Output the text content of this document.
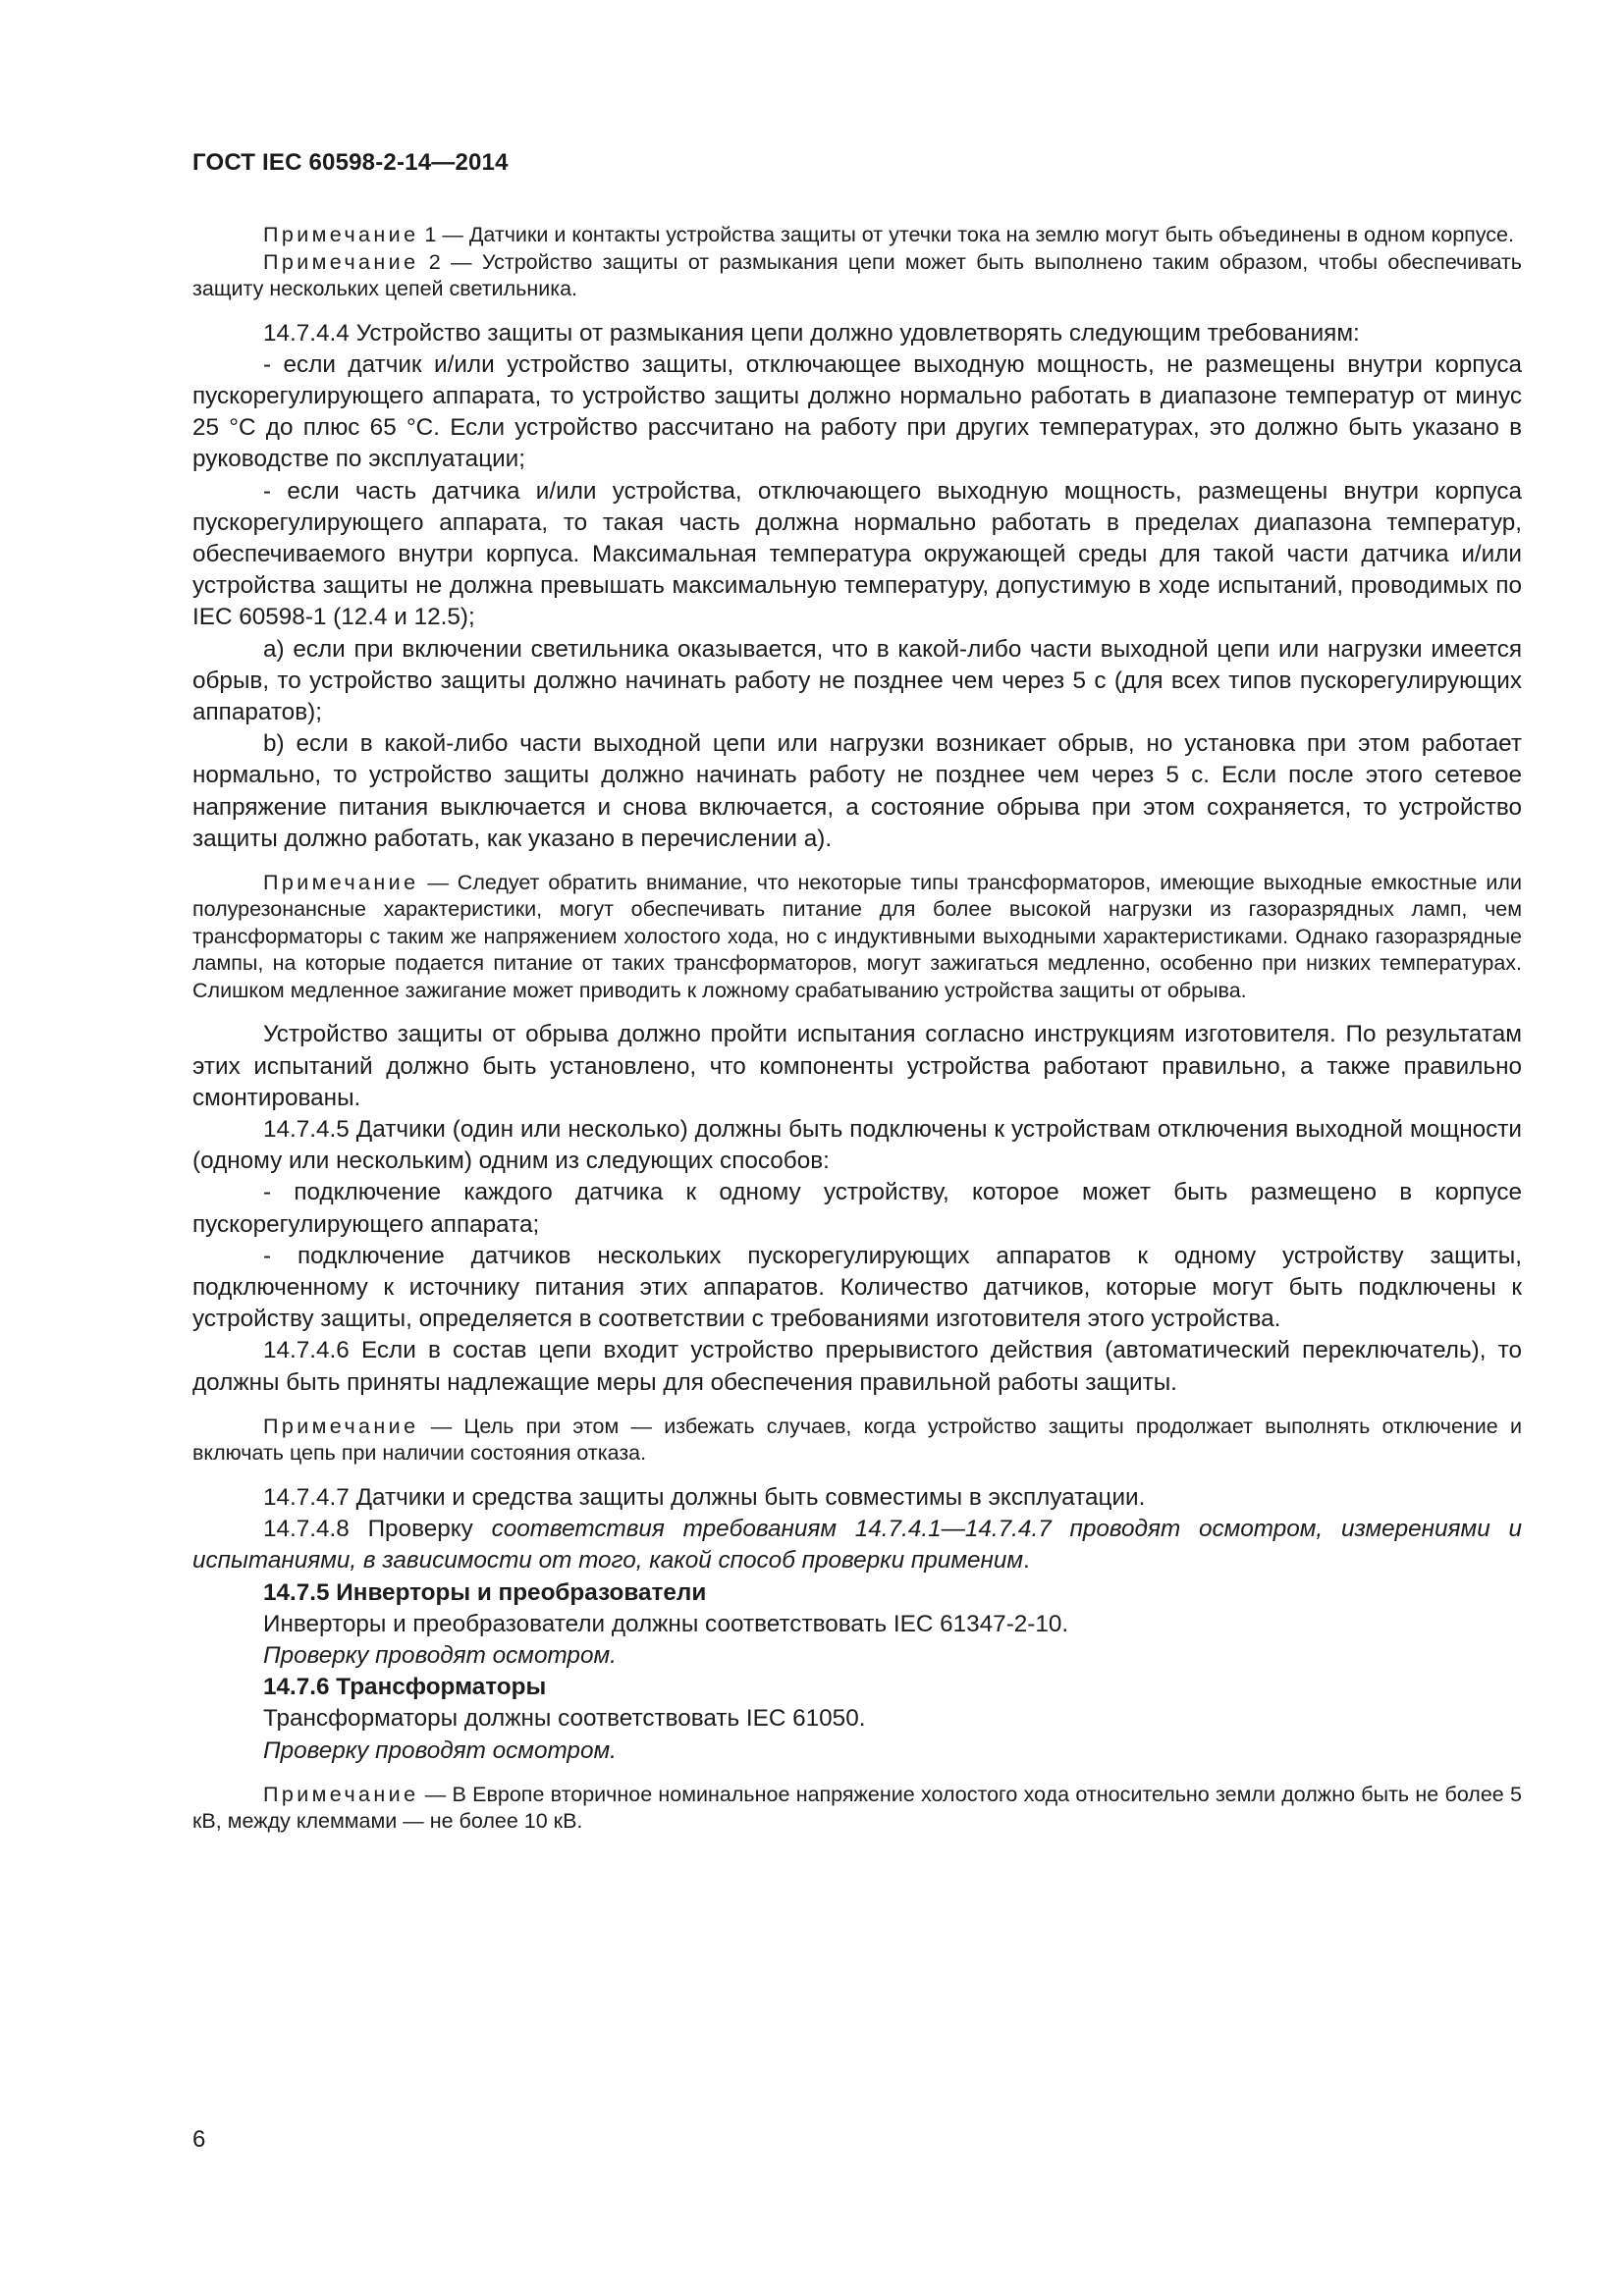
ГОСТ IEC 60598-2-14—2014

Примечание 1 — Датчики и контакты устройства защиты от утечки тока на землю могут быть объединены в одном корпусе.

Примечание 2 — Устройство защиты от размыкания цепи может быть выполнено таким образом, чтобы обеспечивать защиту нескольких цепей светильника.

14.7.4.4 Устройство защиты от размыкания цепи должно удовлетворять следующим требованиям:

- если датчик и/или устройство защиты, отключающее выходную мощность, не размещены внутри корпуса пускорегулирующего аппарата, то устройство защиты должно нормально работать в диапазоне температур от минус 25 °С до плюс 65 °С. Если устройство рассчитано на работу при других температурах, это должно быть указано в руководстве по эксплуатации;

- если часть датчика и/или устройства, отключающего выходную мощность, размещены внутри корпуса пускорегулирующего аппарата, то такая часть должна нормально работать в пределах диапазона температур, обеспечиваемого внутри корпуса. Максимальная температура окружающей среды для такой части датчика и/или устройства защиты не должна превышать максимальную температуру, допустимую в ходе испытаний, проводимых по IEC 60598-1 (12.4 и 12.5);

a) если при включении светильника оказывается, что в какой-либо части выходной цепи или нагрузки имеется обрыв, то устройство защиты должно начинать работу не позднее чем через 5 с (для всех типов пускорегулирующих аппаратов);

b) если в какой-либо части выходной цепи или нагрузки возникает обрыв, но установка при этом работает нормально, то устройство защиты должно начинать работу не позднее чем через 5 с. Если после этого сетевое напряжение питания выключается и снова включается, а состояние обрыва при этом сохраняется, то устройство защиты должно работать, как указано в перечислении а).

Примечание — Следует обратить внимание, что некоторые типы трансформаторов, имеющие выходные емкостные или полурезонансные характеристики, могут обеспечивать питание для более высокой нагрузки из газоразрядных ламп, чем трансформаторы с таким же напряжением холостого хода, но с индуктивными выходными характеристиками. Однако газоразрядные лампы, на которые подается питание от таких трансформаторов, могут зажигаться медленно, особенно при низких температурах. Слишком медленное зажигание может приводить к ложному срабатыванию устройства защиты от обрыва.

Устройство защиты от обрыва должно пройти испытания согласно инструкциям изготовителя. По результатам этих испытаний должно быть установлено, что компоненты устройства работают правильно, а также правильно смонтированы.

14.7.4.5 Датчики (один или несколько) должны быть подключены к устройствам отключения выходной мощности (одному или нескольким) одним из следующих способов:

- подключение каждого датчика к одному устройству, которое может быть размещено в корпусе пускорегулирующего аппарата;

- подключение датчиков нескольких пускорегулирующих аппаратов к одному устройству защиты, подключенному к источнику питания этих аппаратов. Количество датчиков, которые могут быть подключены к устройству защиты, определяется в соответствии с требованиями изготовителя этого устройства.

14.7.4.6 Если в состав цепи входит устройство прерывистого действия (автоматический переключатель), то должны быть приняты надлежащие меры для обеспечения правильной работы защиты.

Примечание — Цель при этом — избежать случаев, когда устройство защиты продолжает выполнять отключение и включать цепь при наличии состояния отказа.

14.7.4.7 Датчики и средства защиты должны быть совместимы в эксплуатации.

14.7.4.8 Проверку соответствия требованиям 14.7.4.1—14.7.4.7 проводят осмотром, измерениями и испытаниями, в зависимости от того, какой способ проверки применим.

14.7.5 Инверторы и преобразователи

Инверторы и преобразователи должны соответствовать IEC 61347-2-10.

Проверку проводят осмотром.

14.7.6 Трансформаторы

Трансформаторы должны соответствовать IEC 61050.

Проверку проводят осмотром.

Примечание — В Европе вторичное номинальное напряжение холостого хода относительно земли должно быть не более 5 кВ, между клеммами — не более 10 кВ.

6
